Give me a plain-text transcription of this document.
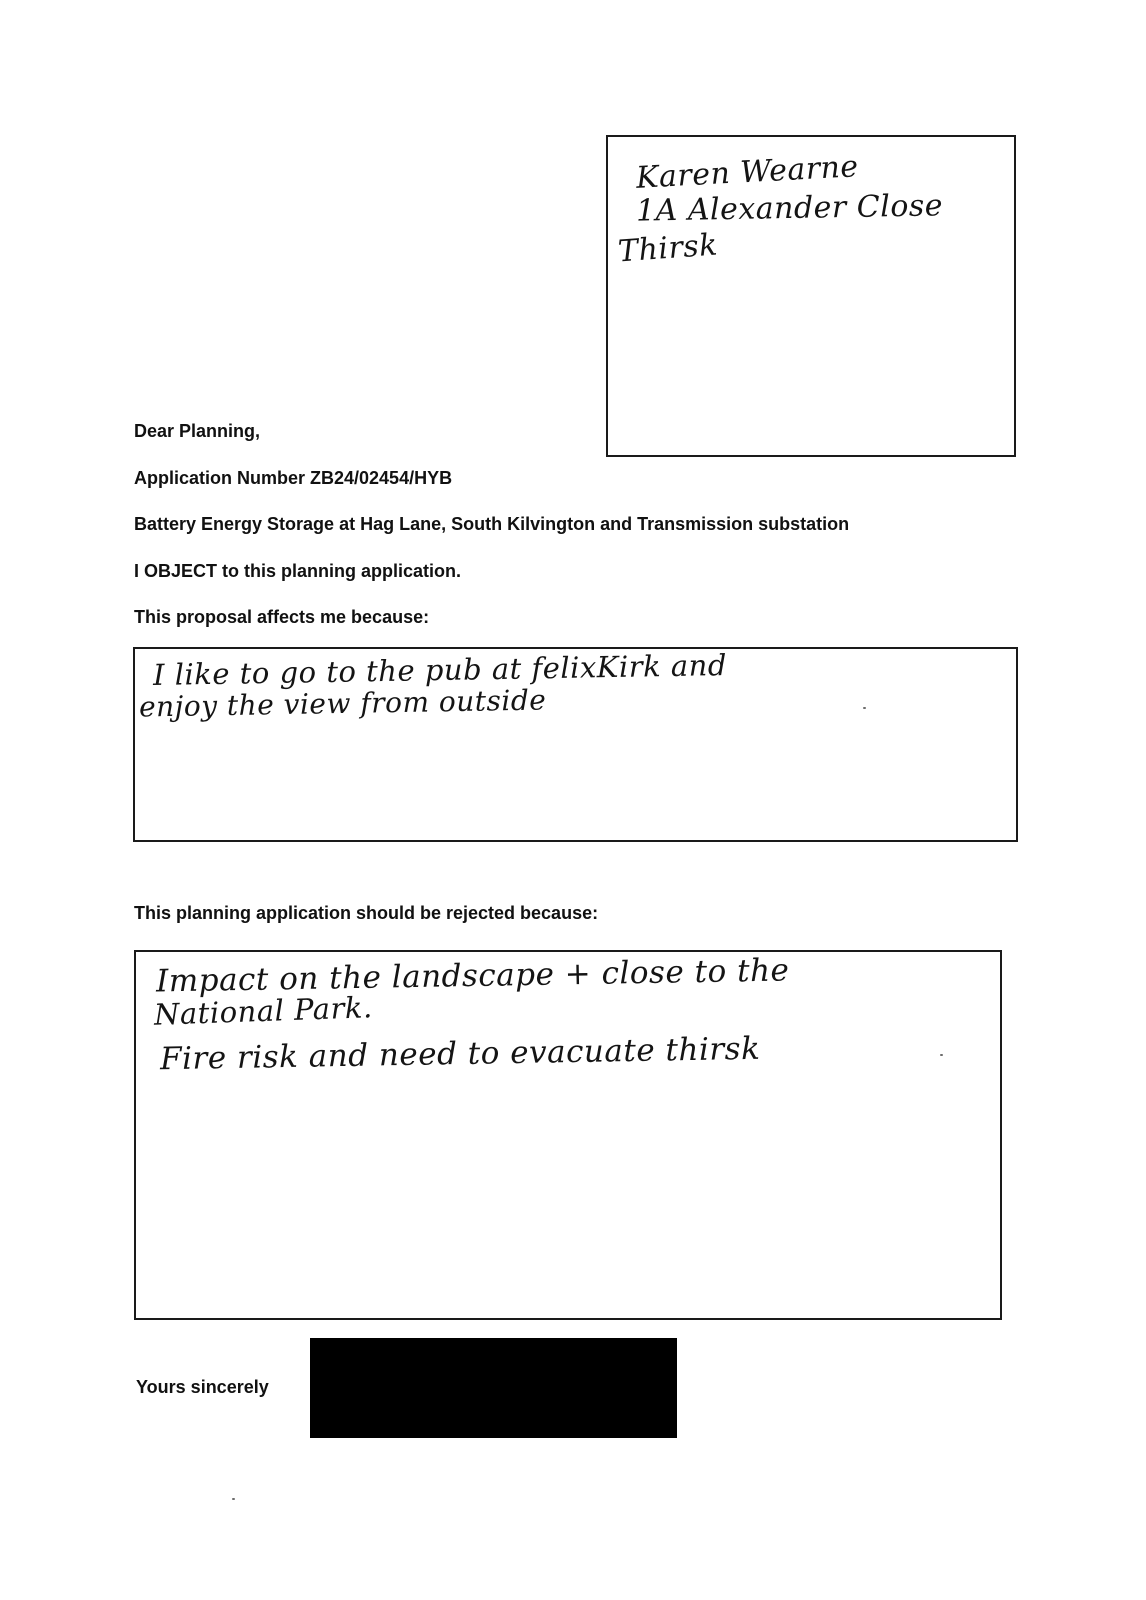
Karen Wearne
1A Alexander Close
Thirsk
Dear Planning,
Application Number ZB24/02454/HYB
Battery Energy Storage at Hag Lane, South Kilvington and Transmission substation
I OBJECT to this planning application.
This proposal affects me because:
I like to go to the pub at felixKirk and
enjoy the view from outside
This planning application should be rejected because:
Impact on the landscape + close to the
National Park.
Fire risk and need to evacuate thirsk
Yours sincerely
